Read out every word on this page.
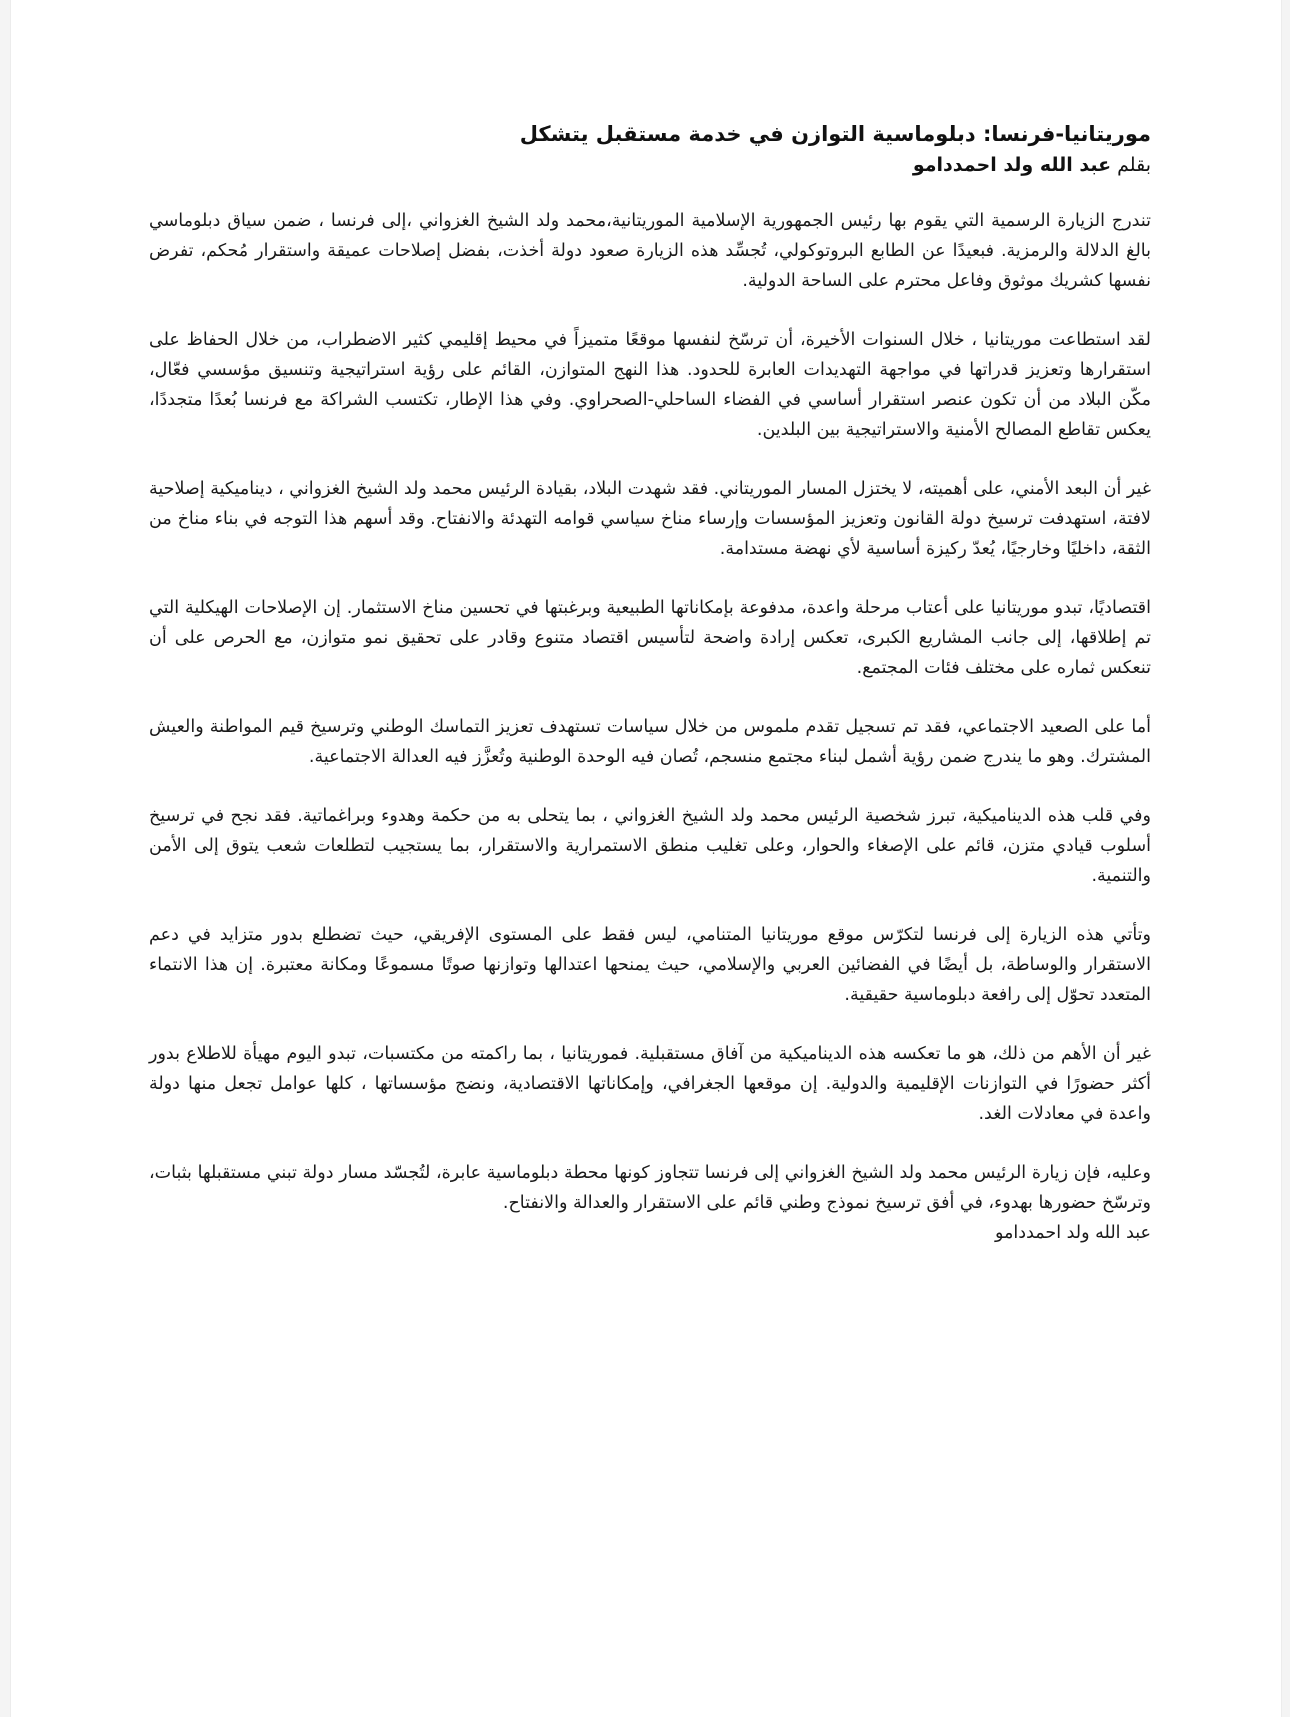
موريتانيا-فرنسا: دبلوماسية التوازن في خدمة مستقبل يتشكل

بقلم عبد الله ولد احمددامو

تندرج الزيارة الرسمية التي يقوم بها رئيس الجمهورية الإسلامية الموريتانية،محمد ولد الشيخ الغزواني ،إلى فرنسا ، ضمن سياق دبلوماسي بالغ الدلالة والرمزية. فبعيدًا عن الطابع البروتوكولي، تُجسِّد هذه الزيارة صعود دولة أخذت، بفضل إصلاحات عميقة واستقرار مُحكم، تفرض نفسها كشريك موثوق وفاعل محترم على الساحة الدولية.

لقد استطاعت موريتانيا ، خلال السنوات الأخيرة، أن ترسّخ لنفسها موقعًا متميزاً في محيط إقليمي كثير الاضطراب، من خلال الحفاظ على استقرارها وتعزيز قدراتها في مواجهة التهديدات العابرة للحدود. هذا النهج المتوازن، القائم على رؤية استراتيجية وتنسيق مؤسسي فعّال، مكّن البلاد من أن تكون عنصر استقرار أساسي في الفضاء الساحلي-الصحراوي. وفي هذا الإطار، تكتسب الشراكة مع فرنسا بُعدًا متجددًا، يعكس تقاطع المصالح الأمنية والاستراتيجية بين البلدين.

غير أن البعد الأمني، على أهميته، لا يختزل المسار الموريتاني. فقد شهدت البلاد، بقيادة الرئيس محمد ولد الشيخ الغزواني ، ديناميكية إصلاحية لافتة، استهدفت ترسيخ دولة القانون وتعزيز المؤسسات وإرساء مناخ سياسي قوامه التهدئة والانفتاح. وقد أسهم هذا التوجه في بناء مناخ من الثقة، داخليًا وخارجيًا، يُعدّ ركيزة أساسية لأي نهضة مستدامة.

اقتصاديًا، تبدو موريتانيا على أعتاب مرحلة واعدة، مدفوعة بإمكاناتها الطبيعية وبرغبتها في تحسين مناخ الاستثمار. إن الإصلاحات الهيكلية التي تم إطلاقها، إلى جانب المشاريع الكبرى، تعكس إرادة واضحة لتأسيس اقتصاد متنوع وقادر على تحقيق نمو متوازن، مع الحرص على أن تنعكس ثماره على مختلف فئات المجتمع.

أما على الصعيد الاجتماعي، فقد تم تسجيل تقدم ملموس من خلال سياسات تستهدف تعزيز التماسك الوطني وترسيخ قيم المواطنة والعيش المشترك. وهو ما يندرج ضمن رؤية أشمل لبناء مجتمع منسجم، تُصان فيه الوحدة الوطنية وتُعزَّز فيه العدالة الاجتماعية.

وفي قلب هذه الديناميكية، تبرز شخصية الرئيس محمد ولد الشيخ الغزواني ، بما يتحلى به من حكمة وهدوء وبراغماتية. فقد نجح في ترسيخ أسلوب قيادي متزن، قائم على الإصغاء والحوار، وعلى تغليب منطق الاستمرارية والاستقرار، بما يستجيب لتطلعات شعب يتوق إلى الأمن والتنمية.

وتأتي هذه الزيارة إلى فرنسا لتكرّس موقع موريتانيا المتنامي، ليس فقط على المستوى الإفريقي، حيث تضطلع بدور متزايد في دعم الاستقرار والوساطة، بل أيضًا في الفضائين العربي والإسلامي، حيث يمنحها اعتدالها وتوازنها صوتًا مسموعًا ومكانة معتبرة. إن هذا الانتماء المتعدد تحوّل إلى رافعة دبلوماسية حقيقية.

غير أن الأهم من ذلك، هو ما تعكسه هذه الديناميكية من آفاق مستقبلية. فموريتانيا ، بما راكمته من مكتسبات، تبدو اليوم مهيأة للاطلاع بدور أكثر حضورًا في التوازنات الإقليمية والدولية. إن موقعها الجغرافي، وإمكاناتها الاقتصادية، ونضج مؤسساتها ، كلها عوامل تجعل منها دولة واعدة في معادلات الغد.

وعليه، فإن زيارة الرئيس محمد ولد الشيخ الغزواني إلى فرنسا تتجاوز كونها محطة دبلوماسية عابرة، لتُجسّد مسار دولة تبني مستقبلها بثبات، وترسّخ حضورها بهدوء، في أفق ترسيخ نموذج وطني قائم على الاستقرار والعدالة والانفتاح.

عبد الله ولد احمددامو
